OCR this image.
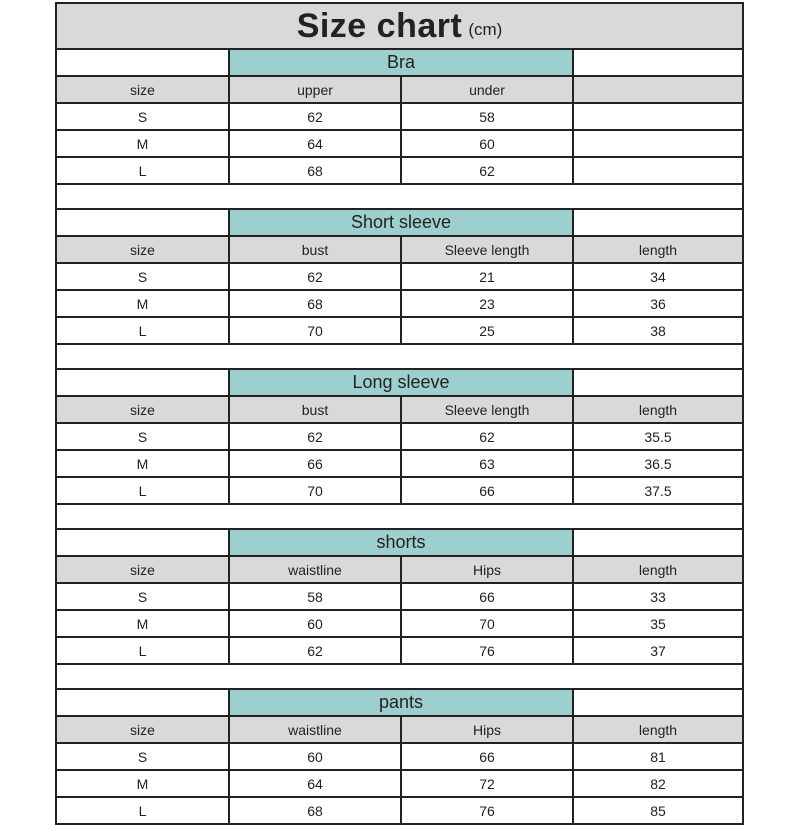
Size chart (cm)
Bra
size	upper	under
S	62	58
M	64	60
L	68	62
Short sleeve
size	bust	Sleeve length	length
S	62	21	34
M	68	23	36
L	70	25	38
Long sleeve
size	bust	Sleeve length	length
S	62	62	35.5
M	66	63	36.5
L	70	66	37.5
shorts
size	waistline	Hips	length
S	58	66	33
M	60	70	35
L	62	76	37
pants
size	waistline	Hips	length
S	60	66	81
M	64	72	82
L	68	76	85
